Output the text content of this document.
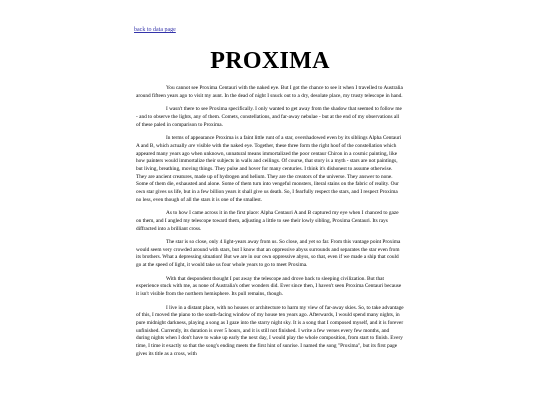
back to data page
PROXIMA

You cannot see Proxima Centauri with the naked eye. But I got the chance to see it when I travelled to Australia around fifteen years ago to visit my aunt. In the dead of night I snuck out to a dry, desolate place, my trusty telescope in hand.

I wasn't there to see Proxima specifically. I only wanted to get away from the shadow that seemed to follow me - and to observe the lights, any of them. Comets, constellations, and far-away nebulae - but at the end of my observations all of these paled in comparison to Proxima.

In terms of appearance Proxima is a faint little runt of a star, overshadowed even by its siblings Alpha Centauri A and B, which actually are visible with the naked eye. Together, these three form the right hoof of the constellation which appeared many years ago when unknown, unnatural means immortalized the poor centaur Chiron in a cosmic painting, like how painters would immortalize their subjects in walls and ceilings. Of course, that story is a myth - stars are not paintings, but living, breathing, moving things. They pulse and hover for many centuries. I think it's dishonest to assume otherwise. They are ancient creatures, made up of hydrogen and helium. They are the creators of the universe. They answer to none. Some of them die, exhausted and alone. Some of them turn into vengeful monsters, literal stains on the fabric of reality. Our own star gives us life, but in a few billion years it shall give us death. So, I fearfully respect the stars, and I respect Proxima no less, even though of all the stars it is one of the smallest.

As to how I came across it in the first place: Alpha Centauri A and B captured my eye when I chanced to gaze on them, and I angled my telescope toward them, adjusting a little to see their lowly sibling, Proxima Centauri. Its rays diffracted into a brilliant cross.

The star is so close, only 4 light-years away from us. So close, and yet so far. From this vantage point Proxima would seem very crowded around with stars, but I know that an oppressive abyss surrounds and separates the star even from its brothers. What a depressing situation! But we are in our own oppressive abyss, so that, even if we made a ship that could go at the speed of light, it would take us four whole years to go to meet Proxima.

With that despondent thought I put away the telescope and drove back to sleeping civilization. But that experience stuck with me, as none of Australia's other wonders did. Ever since then, I haven't seen Proxima Centauri because it isn't visible from the northern hemisphere. Its pull remains, though.

I live in a distant place, with no houses or architecture to harm my view of far-away skies. So, to take advantage of this, I moved the piano to the south-facing window of my house ten years ago. Afterwards, I would spend many nights, in pure midnight darkness, playing a song as I gaze into the starry night sky. It is a song that I composed myself, and it is forever unfinished. Currently, its duration is over 5 hours, and it is still not finished. I write a few verses every few months, and during nights when I don't have to wake up early the next day, I would play the whole composition, from start to finish. Every time, I time it exactly so that the song's ending meets the first hint of sunrise. I named the song "Proxima", but its first page gives its title as a cross, with
